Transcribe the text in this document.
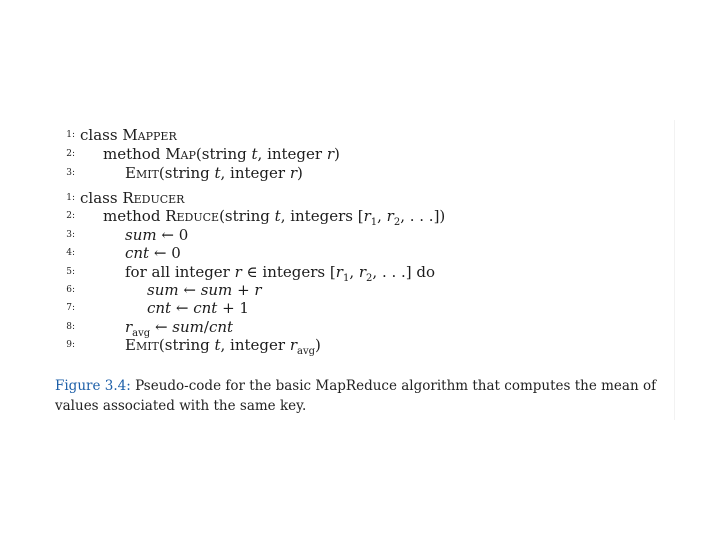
1: class Mapper
2: method Map(string t, integer r)
3:	Emit(string t, integer r)
1: class Reducer
2: method Reduce(string t, integers [$r_1$, $r_2$, . . .])
3:	sum ← 0
4:	cnt ← 0
5:	for all integer r ∈ integers [$r_1$, $r_2$, . . .] do
6:	sum ← sum + r
7:	cnt ← cnt + 1
8:	$r_{avg}$ ← sum/cnt
9:	Emit(string t, integer $r_{avg}$)
Figure 3.4: Pseudo-code for the basic MapReduce algorithm that computes the mean of values associated with the same key.
